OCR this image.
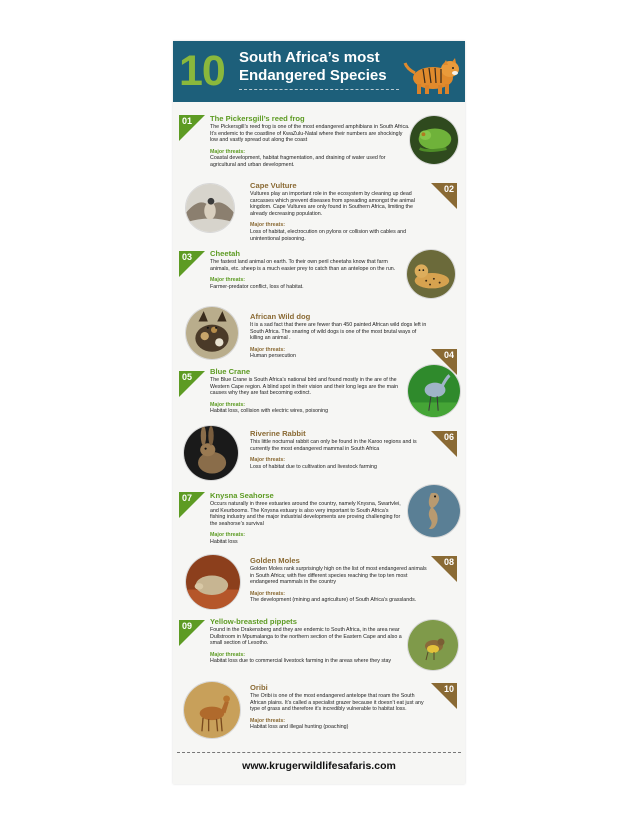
10 South Africa’s most
Endangered Species
01 The Pickersgill’s reed frog
The Pickersgill’s reed frog is one of the most endangered amphibians in South Africa. It’s endemic to the coastline of KwaZulu-Natal where their numbers are shockingly low and vastly spread out along the coast
Major threats:
Coastal development, habitat fragmentation, and draining of water used for agricultural and urban development.
Cape Vulture
Vultures play an important role in the ecosystem by cleaning up dead carcasses which prevent diseases from spreading amongst the animal kingdom. Cape Vultures are only found in Southern Africa, limiting the already decreasing population.
Major threats:
Loss of habitat, electrocution on pylons or collision with cables and unintentional poisoning.
02
03 Cheetah
The fastest land animal on earth. To their own peril cheetahs know that farm animals, etc. sheep is a much easier prey to catch than an antelope on the run.
Major threats:
Farmer-predator conflict, loss of habitat.
African Wild dog
It is a sad fact that there are fewer than 450 painted African wild dogs left in South Africa. The snaring of wild dogs is one of the most brutal ways of killing an animal .
Major threats:
Human persecution	04
05
Blue Crane
The Blue Crane is South Africa’s national bird and found mostly in the are of the Western Cape region. A blind spot in their vision and their long legs are the main causes why they are fast becoming extinct.
Major threats:
Habitat loss, collision with electric wires, poisoning
Riverine Rabbit
This little nocturnal rabbit can only be found in the Karoo regions and is currently the most endangered mammal in South Africa
Major threats:
Loss of habitat due to cultivation and livestock farming
06
07 Knysna Seahorse
Occurs naturally in three estuaries around the country, namely Knysna, Swartvlei, and Keurbooms. The Knysna estuary is also very important to South Africa’s fishing industry and the major industrial developments are proving challenging for the seahorse’s survival
Major threats:
Habitat loss
Golden Moles
Golden Moles rank surprisingly high on the list of most endangered animals in South Africa; with five different species reaching the top ten most endangered mammals in the country
Major threats:
The development (mining and agriculture) of South Africa’s grasslands.
08
09 Yellow-breasted pippets
Found in the Drakensberg and they are endemic to South Africa, in the area near Dullstroom in Mpumalanga to the northern section of the Eastern Cape and also a small section of Lesotho.
Major threats:
Habitat loss due to commercial livestock farming in the areas where they stay
Oribi
The Oribi is one of the most endangered antelope that roam the South African plains. It’s called a specialist grazer because it doesn’t eat just any type of grass and therefore it’s incredibly vulnerable to habitat loss.
Major threats:
Habitat loss and illegal hunting (poaching)
10
www.krugerwildlifesafaris.com
